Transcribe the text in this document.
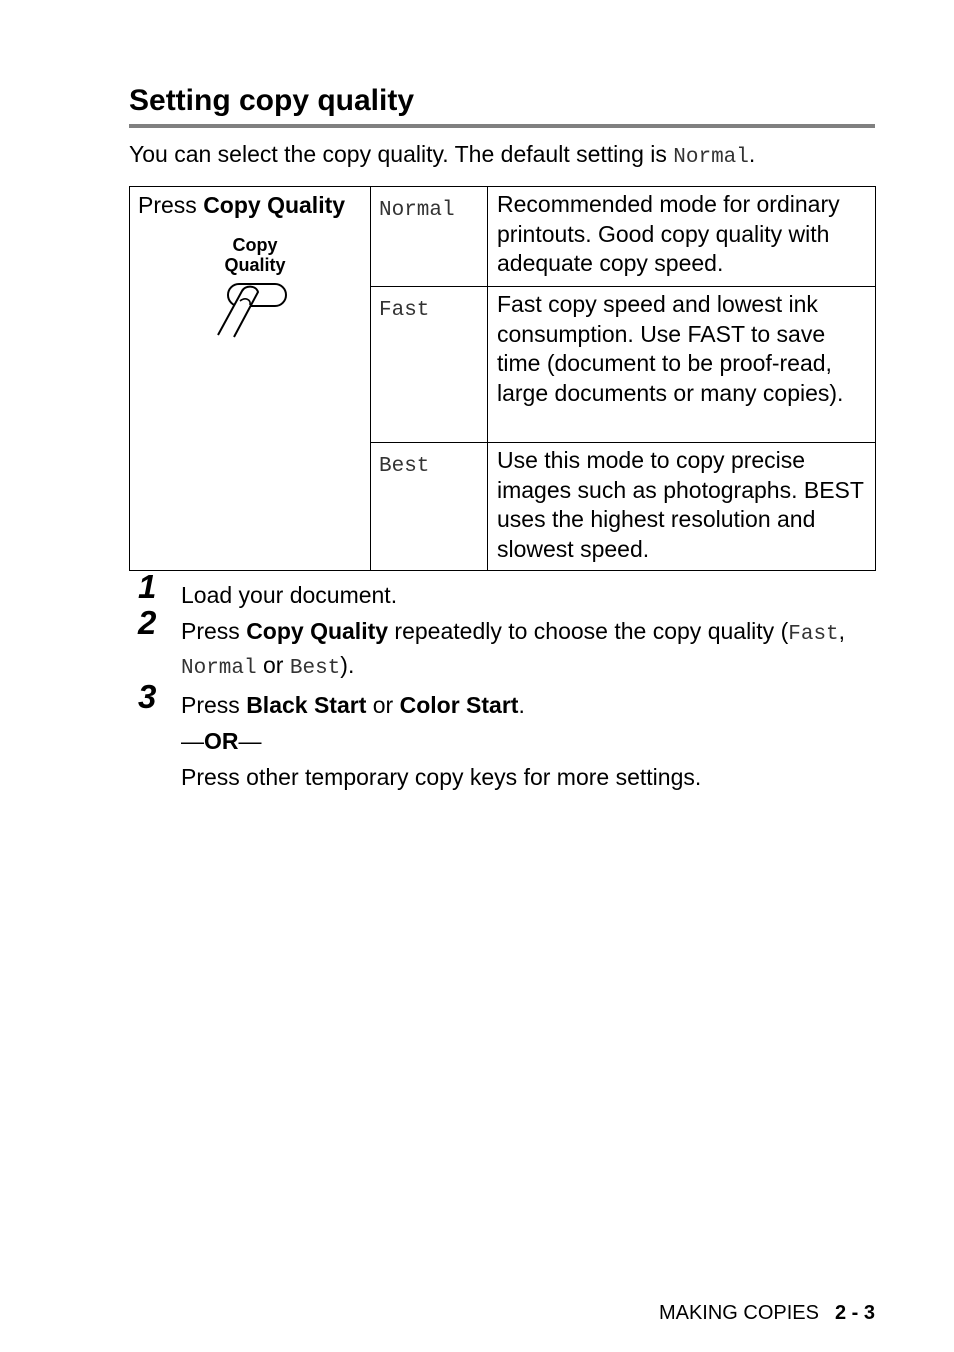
Setting copy quality

You can select the copy quality. The default setting is Normal.

Press Copy Quality
Copy
Quality	Normal	Recommended mode for ordinary printouts. Good copy quality with adequate copy speed.
	Fast	Fast copy speed and lowest ink consumption. Use FAST to save time (document to be proof-read, large documents or many copies).
	Best	Use this mode to copy precise images such as photographs. BEST uses the highest resolution and slowest speed.
1 Load your document.
2 Press Copy Quality repeatedly to choose the copy quality (Fast, Normal or Best).
3 Press Black Start or Color Start.
—OR—
Press other temporary copy keys for more settings.
MAKING COPIES 2 - 3
